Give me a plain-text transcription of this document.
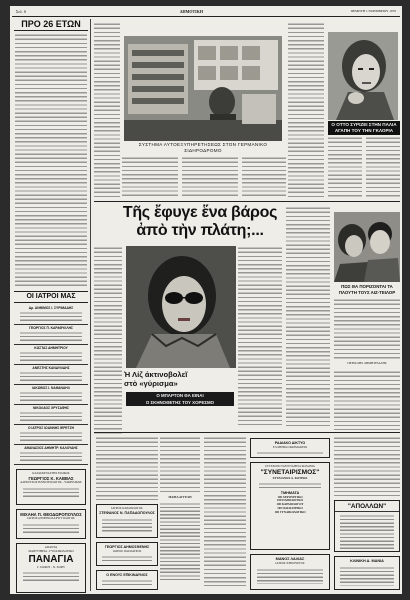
Σελ. 6	ΔΗΜΟΤΙΚΗ	ΠΕΜΠΤΗ 1 ΝΟΕΜΒΡΙΟΥ 1979
ΠΡΟ 26 ΕΤΩΝ
ΟΙ ΙΑΤΡΟΙ ΜΑΣ
Δρ. ΑΝΘΙΜΟΣ Ι. ΣΥΡΙΜΑΔΗΣ
ΓΕΩΡΓΙΟΣ Π. ΚΑΡΑΦΥΛΛΗΣ
ΚΩΣΤΑΣ ΔΗΜΗΤΡΙΟΥ
ΑΝΕΣΤΗΣ ΚΑΝΔΥΛΙΔΗΣ
ΙΑΚΩΒΟΣ Ι. ΝΑΘΑΝΑΗΛ
ΝΙΚΟΛΑΟΣ ΧΡΥΣΑΦΗΣ
Ο ΙΑΤΡΟΣ ΙΩΑΝΝΗΣ ΙΕΡΕΤΖΗ
ΑΘΑΝΑΣΙΟΣ ΔΗΜΗΤΡ. ΚΑΛΟΥΔΗΣ
ΚΑΤΑΣΚΕΥΑΣΤΗΣ ΕΙΔΙΚΟΣ
ΓΕΩΡΓΙΟΣ Κ. ΚΑΒΒΑΣ
ΑΔΕΙΟΥΧΟΣ ΗΛΕΚΤΡΟΛΟΓΟΣ - ΥΔΡΑΥΛΙΚΟΣ
ΜΙΧΑΗΛ Π. ΘΕΟΔΩΡΟΠΟΥΛΟΣ
ΙΑΤΡΟΣ ΩΤΟΡΙΝΟΛΑΡΥΓΓΟΛΟΓΟΣ
ΑΠΑΝΤΑ
ΜΑΙΕΥΤΗΡΙΑ - ΓΥΝΑΙΚΟΛΟΓΙΚΟ
ΠΑΝΑΓΙΑ
Γ. ΣΟΦΟΥ - Ν. ΧΟΡΝ
ΣΥΣΤΗΜΑ ΑΥΤΟΕΞΥΠΗΡΕΤΗΣΕΩΣ ΣΤΟΝ ΓΕΡΜΑΝΙΚΟ ΣΙΔΗΡΟΔΡΟΜΟ
Ο ΟΤΤΟ ΣΥΡΙΖΕΙ ΣΤΗΝ ΠΑΛΙΑ ΑΓΑΠΗ ΤΟΥ ΤΗΝ ΓΚΛΟΡΙΑ
Τῆς ἔφυγε ἕνα βάρος
ἀπὸ τὴν πλάτη;...
Ἡ Λίζ ἀκτινοβολεῖ
στὸ «γύρισμα»
Ο ΜΠΑΡΤΟΝ ΘΑ ΕΙΝΑΙ
Ο ΣΚΗΝΟΘΕΤΗΣ ΤΟΥ ΧΟΡΕΣΜΟ
ΠΩΣ ΘΑ ΠΟΡΙΖΟΝΤΑΙ ΤΑ ΠΛΟΥΤΗ ΤΟΥΣ ΑΙΖ-ΤΕΙΛΟΡ
ΠΕΡΙΚΛΗΣ ΔΗΜΗΤΡΙΑΔΗΣ
ΙΑΤΡΟΣ ΚΑΡΔΙΟΛΟΓΟΣ
ΣΤΕΦΑΝΟΣ Ν. ΠΑΠΑΔΟΠΟΥΛΟΣ
ΓΕΩΡΓΙΟΣ ΔΗΜΟΣΘΕΝΗΣ
ΙΑΤΡΟΣ ΠΑΙΔΙΑΤΡΟΣ
Ο ΕΝΟΥΣ ΕΠΙΚΙΝΔΥΝΟΣ
ΜΑΡΙΑ ΑΓΓΕΛΗ
ΡΑΔΙΑΚΟ ΔΙΚΤΥΟ
ΕΛΛΗΝΙΚΟ ΦΑΡΜΑΚΕΙΟ
ΣΥΓΧΡΟΝΟ ΤΑΞΙ ΕΤΑΙΡΕΙΑ ΚΟΛΩΝΙΑ
"ΣΥΝΕΤΑΙΡΙΣΜΟΣ"
ΣΤΥΛΙΑΝΟΣ Α. ΚΟΤΡΩΣ
ΤΜΗΜΑΤΑ
100 ΧΕΡΟΥΡΓΙΚΟ
100 ΠΑΘΟΛΟΓΙΚΟ
100 ΚΑΡΔΙΟΛΟΓΟΥ
100 ΠΑΙΔΙΑΤΡΙΚΟ
100 ΓΥΝΑΙΚΟΛΟΓΙΚΟ
ΜΑΝΟΣ ΛΑΛΙΑΣ
ΙΑΤΡΟΣ ΧΕΙΡΟΥΡΓΟΣ
"ΑΠΟΛΛΩΝ"
ΚΛΙΝΙΚΗ Δ. ΜΑΝΙΑ
